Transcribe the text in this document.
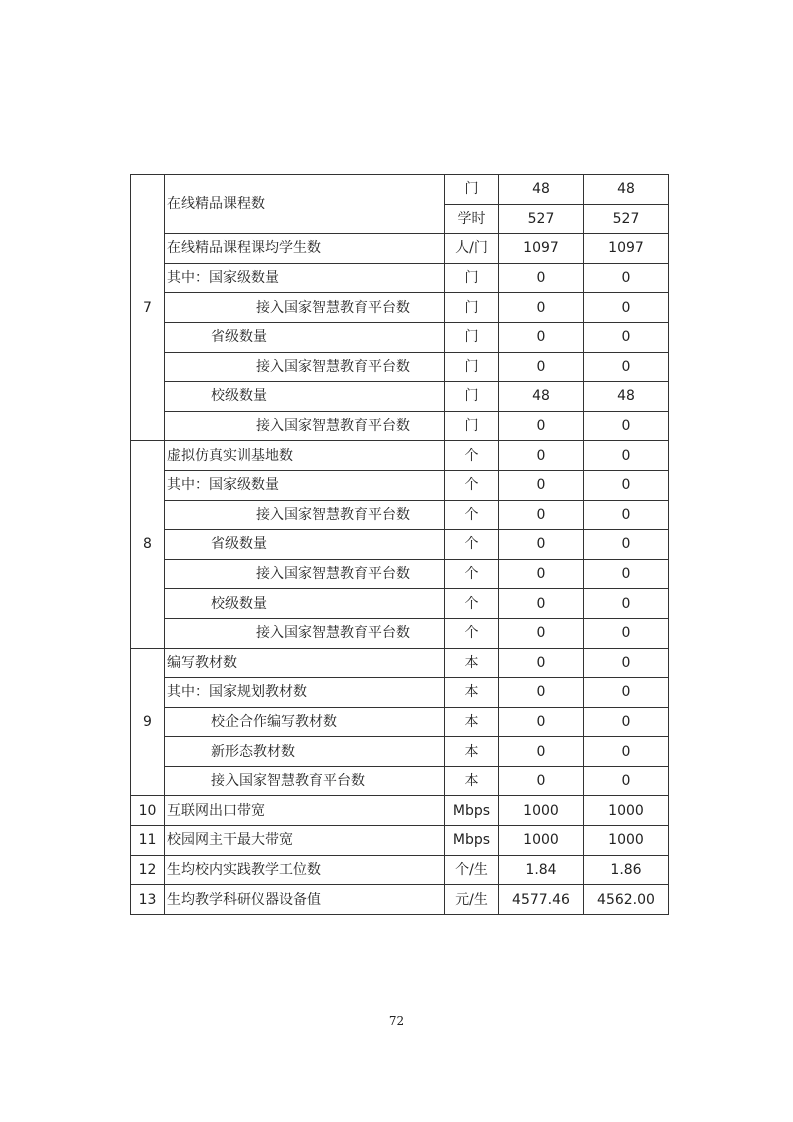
7	在线精品课程数	门	48	48
		学时	527	527
	在线精品课程课均学生数	人/门	1097	1097
	其中：国家级数量	门	0	0
	接入国家智慧教育平台数	门	0	0
	省级数量	门	0	0
	接入国家智慧教育平台数	门	0	0
	校级数量	门	48	48
	接入国家智慧教育平台数	门	0	0
8	虚拟仿真实训基地数	个	0	0
	其中：国家级数量	个	0	0
	接入国家智慧教育平台数	个	0	0
	省级数量	个	0	0
	接入国家智慧教育平台数	个	0	0
	校级数量	个	0	0
	接入国家智慧教育平台数	个	0	0
9	编写教材数	本	0	0
	其中：国家规划教材数	本	0	0
	校企合作编写教材数	本	0	0
	新形态教材数	本	0	0
	接入国家智慧教育平台数	本	0	0
10	互联网出口带宽	Mbps	1000	1000
11	校园网主干最大带宽	Mbps	1000	1000
12	生均校内实践教学工位数	个/生	1.84	1.86
13	生均教学科研仪器设备值	元/生	4577.46	4562.00
72
